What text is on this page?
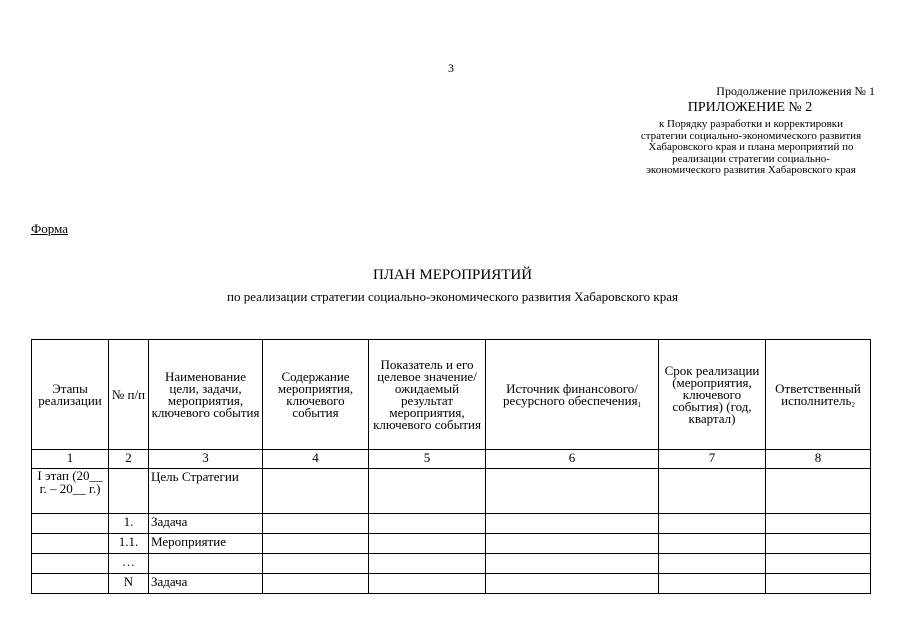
3
Продолжение приложения № 1
ПРИЛОЖЕНИЕ № 2
к Порядку разработки и корректировки стратегии социально-экономического развития Хабаровского края и плана мероприятий по реализации стратегии социально-экономического развития Хабаровского края
Форма
ПЛАН МЕРОПРИЯТИЙ
по реализации стратегии социально-экономического развития Хабаровского края
Этапы реализации	№ п/п	Наименование цели, задачи, мероприятия, ключевого события	Содержание мероприятия, ключевого события	Показатель и его целевое значение/ ожидаемый результат мероприятия, ключевого события	Источник финансового/ ресурсного обеспечения$^1$	Срок реализации (мероприятия, ключевого события) (год, квартал)	Ответственный исполнитель$^2$
1	2	3	4	5	6	7	8
I этап (20__ г. – 20__ г.)		Цель Стратегии					
	1.	Задача					
	1.1.	Мероприятие					
	…						
	N	Задача					
